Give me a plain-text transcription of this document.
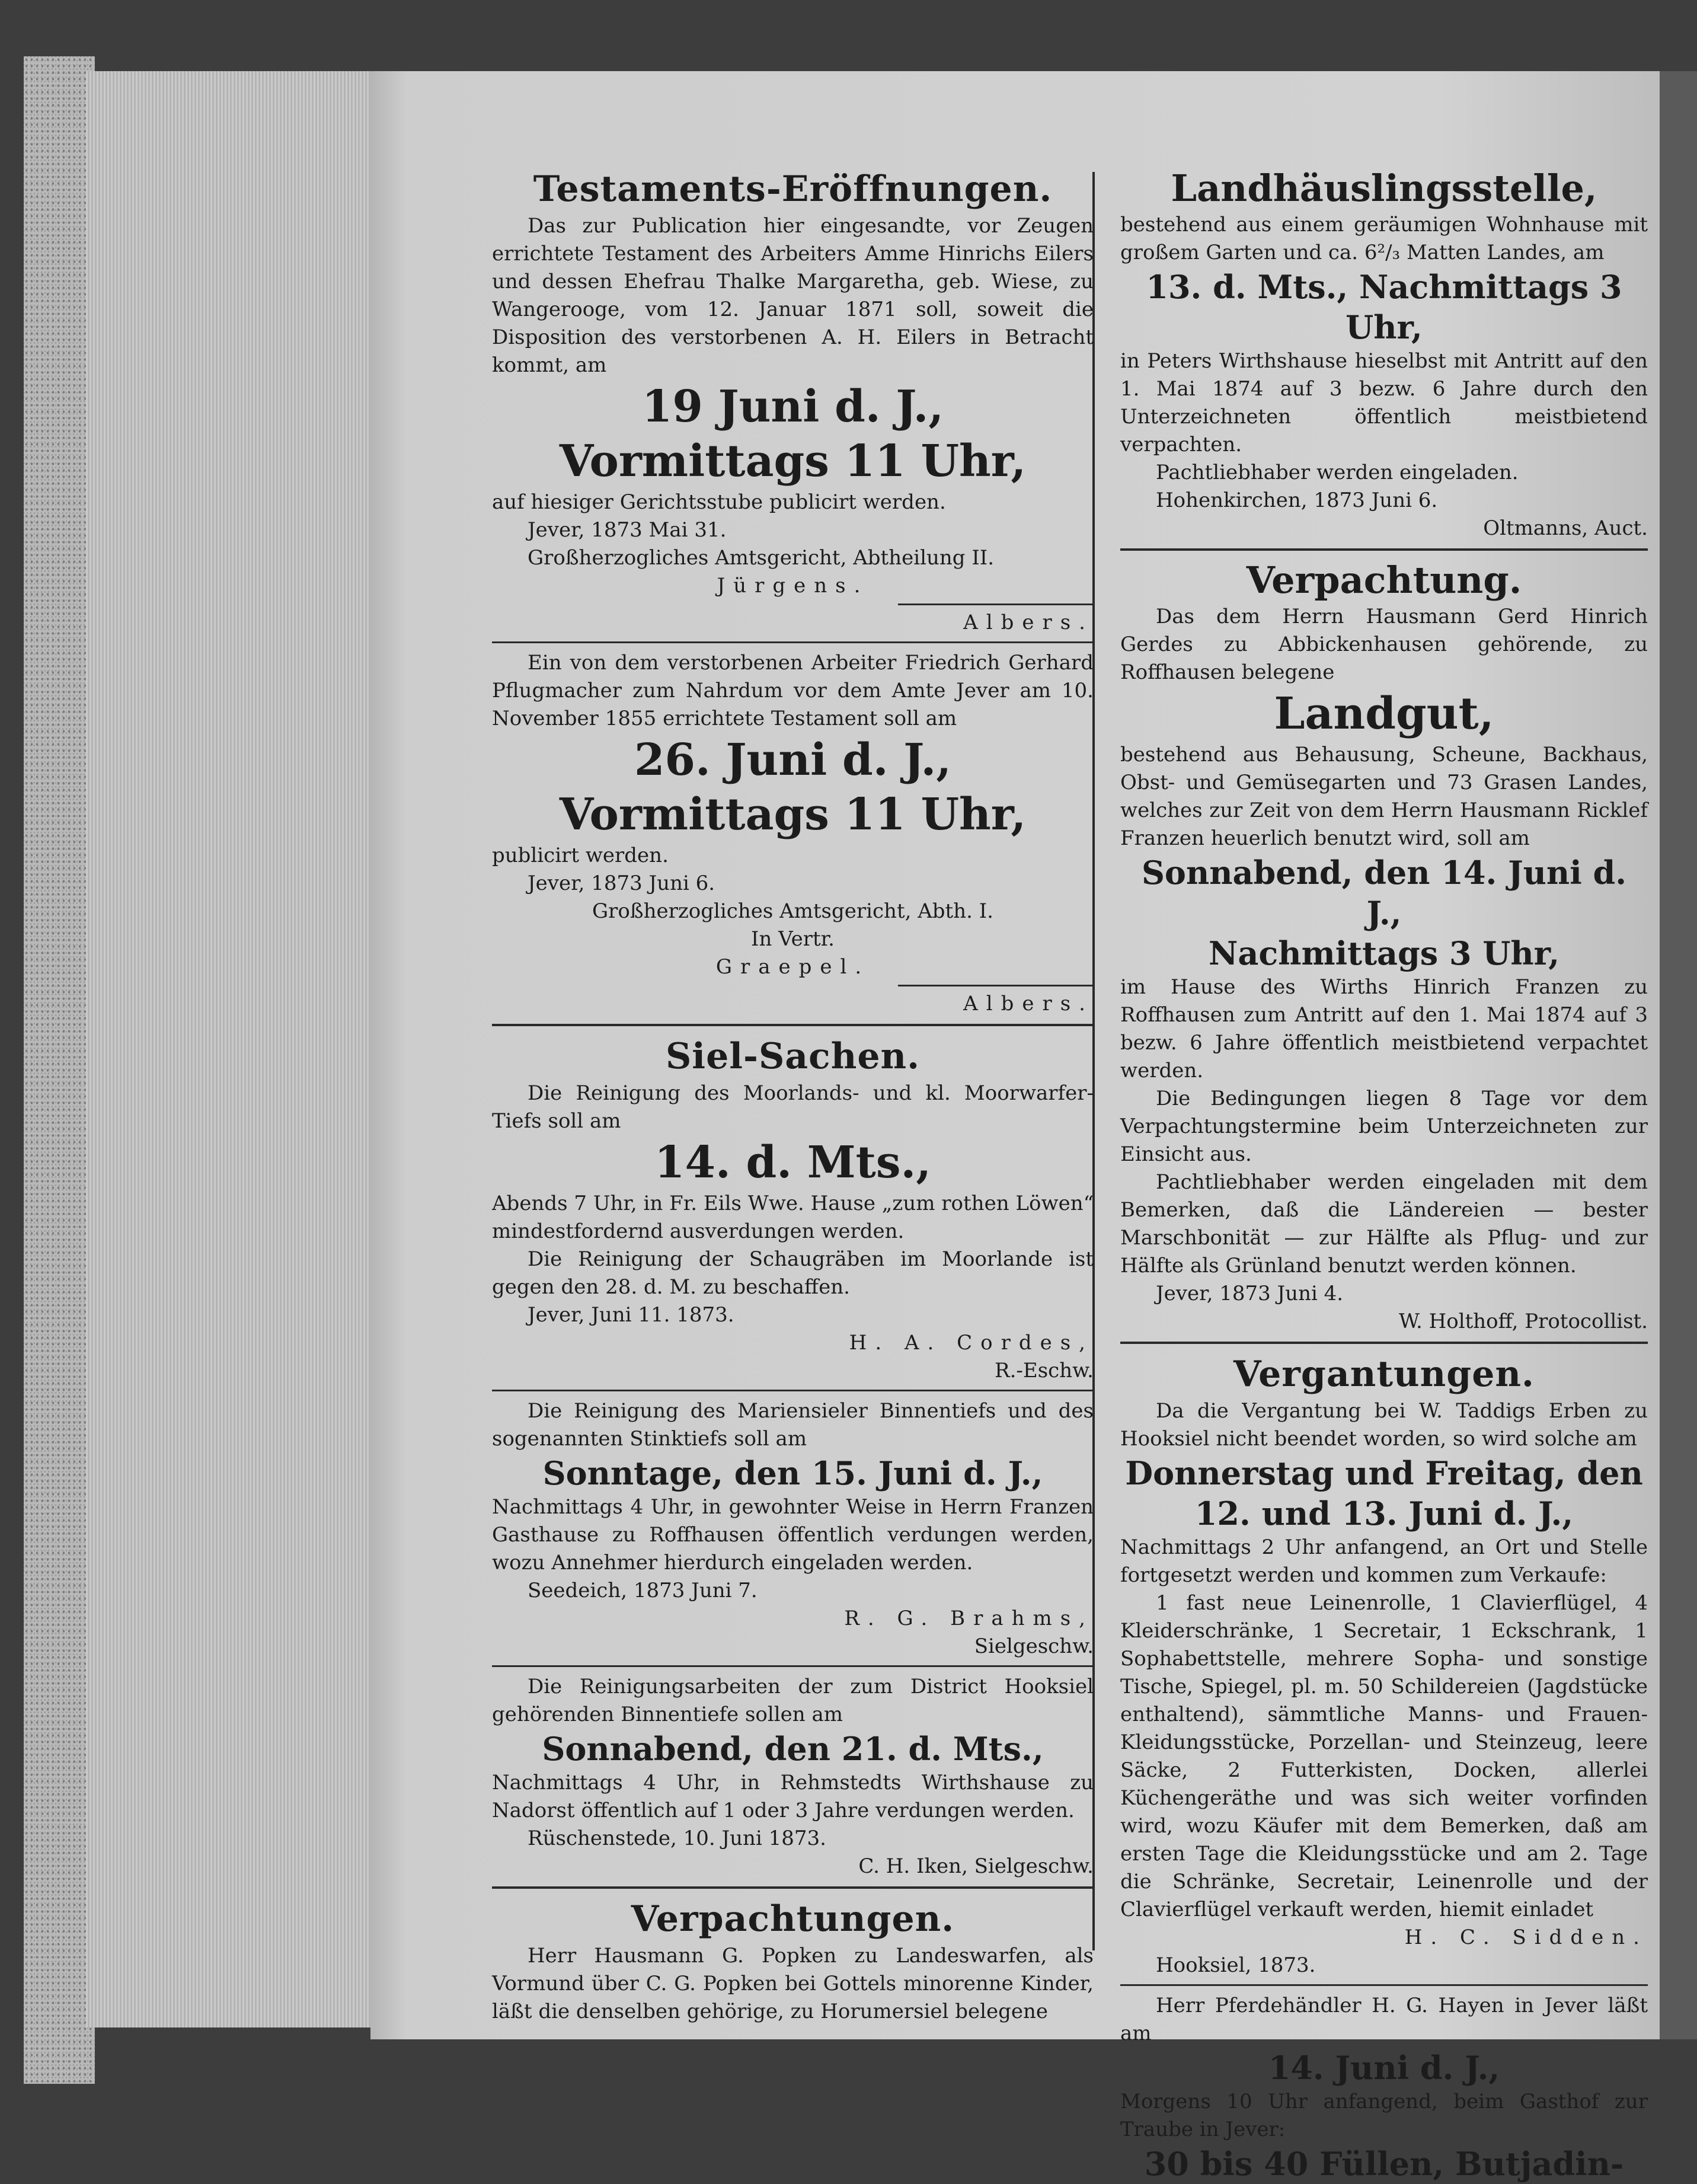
Testaments-Eröffnungen.

Das zur Publication hier eingesandte, vor Zeugen errichtete Testament des Arbeiters Amme Hinrichs Eilers und dessen Ehefrau Thalke Margaretha, geb. Wiese, zu Wangerooge, vom 12. Januar 1871 soll, soweit die Disposition des verstorbenen A. H. Eilers in Betracht kommt, am

19 Juni d. J.,
Vormittags 11 Uhr,

auf hiesiger Gerichtsstube publicirt werden.

Jever, 1873 Mai 31.

Großherzogliches Amtsgericht, Abtheilung II.

Jürgens.

Albers.

Ein von dem verstorbenen Arbeiter Friedrich Gerhard Pflugmacher zum Nahrdum vor dem Amte Jever am 10. November 1855 errichtete Testament soll am

26. Juni d. J.,
Vormittags 11 Uhr,

publicirt werden.

Jever, 1873 Juni 6.

Großherzogliches Amtsgericht, Abth. I.

In Vertr.

Graepel.

Albers.

Siel-Sachen.

Die Reinigung des Moorlands- und kl. Moorwarfer-Tiefs soll am

14. d. Mts.,

Abends 7 Uhr, in Fr. Eils Wwe. Hause „zum rothen Löwen“ mindestfordernd ausverdungen werden.

Die Reinigung der Schaugräben im Moorlande ist gegen den 28. d. M. zu beschaffen.

Jever, Juni 11. 1873.

H. A. Cordes,

R.-Eschw.

Die Reinigung des Mariensieler Binnentiefs und des sogenannten Stinktiefs soll am

Sonntage, den 15. Juni d. J.,

Nachmittags 4 Uhr, in gewohnter Weise in Herrn Franzen Gasthause zu Roffhausen öffentlich verdungen werden, wozu Annehmer hierdurch eingeladen werden.

Seedeich, 1873 Juni 7.

R. G. Brahms,

Sielgeschw.

Die Reinigungsarbeiten der zum District Hooksiel gehörenden Binnentiefe sollen am

Sonnabend, den 21. d. Mts.,

Nachmittags 4 Uhr, in Rehmstedts Wirthshause zu Nadorst öffentlich auf 1 oder 3 Jahre verdungen werden.

Rüschenstede, 10. Juni 1873.

C. H. Iken, Sielgeschw.

Verpachtungen.

Herr Hausmann G. Popken zu Landeswarfen, als Vormund über C. G. Popken bei Gottels minorenne Kinder, läßt die denselben gehörige, zu Horumersiel belegene

Landhäuslingsstelle,

bestehend aus einem geräumigen Wohnhause mit großem Garten und ca. 6²/₃ Matten Landes, am

13. d. Mts., Nachmittags 3 Uhr,

in Peters Wirthshause hieselbst mit Antritt auf den 1. Mai 1874 auf 3 bezw. 6 Jahre durch den Unterzeichneten öffentlich meistbietend verpachten.

Pachtliebhaber werden eingeladen.

Hohenkirchen, 1873 Juni 6.

Oltmanns, Auct.

Verpachtung.

Das dem Herrn Hausmann Gerd Hinrich Gerdes zu Abbickenhausen gehörende, zu Roffhausen belegene

Landgut,

bestehend aus Behausung, Scheune, Backhaus, Obst- und Gemüsegarten und 73 Grasen Landes, welches zur Zeit von dem Herrn Hausmann Ricklef Franzen heuerlich benutzt wird, soll am

Sonnabend, den 14. Juni d. J.,
Nachmittags 3 Uhr,

im Hause des Wirths Hinrich Franzen zu Roffhausen zum Antritt auf den 1. Mai 1874 auf 3 bezw. 6 Jahre öffentlich meistbietend verpachtet werden.

Die Bedingungen liegen 8 Tage vor dem Verpachtungstermine beim Unterzeichneten zur Einsicht aus.

Pachtliebhaber werden eingeladen mit dem Bemerken, daß die Ländereien — bester Marschbonität — zur Hälfte als Pflug- und zur Hälfte als Grünland benutzt werden können.

Jever, 1873 Juni 4.

W. Holthoff, Protocollist.

Vergantungen.

Da die Vergantung bei W. Taddigs Erben zu Hooksiel nicht beendet worden, so wird solche am

Donnerstag und Freitag, den
12. und 13. Juni d. J.,

Nachmittags 2 Uhr anfangend, an Ort und Stelle fortgesetzt werden und kommen zum Verkaufe:

1 fast neue Leinenrolle, 1 Clavierflügel, 4 Kleiderschränke, 1 Secretair, 1 Eckschrank, 1 Sophabettstelle, mehrere Sopha- und sonstige Tische, Spiegel, pl. m. 50 Schildereien (Jagdstücke enthaltend), sämmtliche Manns- und Frauen-Kleidungsstücke, Porzellan- und Steinzeug, leere Säcke, 2 Futterkisten, Docken, allerlei Küchengeräthe und was sich weiter vorfinden wird, wozu Käufer mit dem Bemerken, daß am ersten Tage die Kleidungsstücke und am 2. Tage die Schränke, Secretair, Leinenrolle und der Clavierflügel verkauft werden, hiemit einladet

H. C. Sidden.

Hooksiel, 1873.

Herr Pferdehändler H. G. Hayen in Jever läßt am

14. Juni d. J.,

Morgens 10 Uhr anfangend, beim Gasthof zur Traube in Jever:

30 bis 40 Füllen, Butjadin-
